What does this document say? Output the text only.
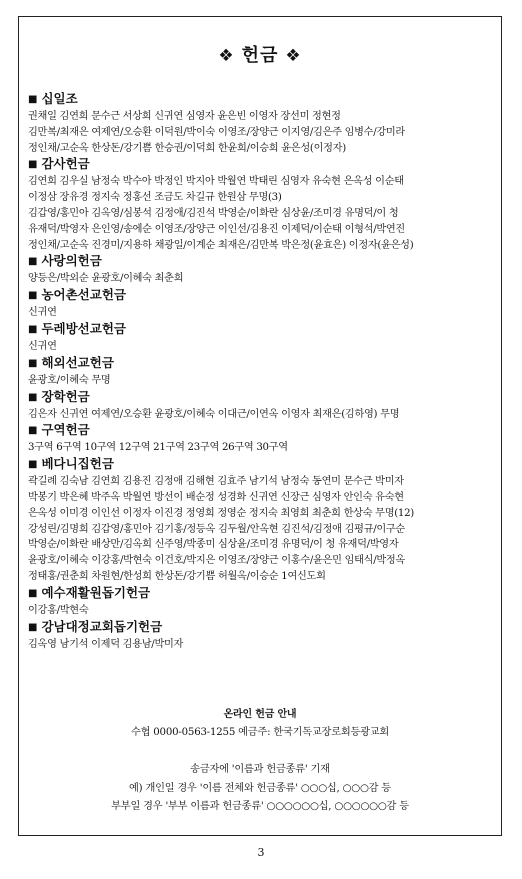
❖ 헌금 ❖
■ 십일조
권채일 김연희 문수근 서상희 신귀연 심영자 윤은빈 이영자 장선미 정현정
김만복/최재은 여제연/오승환 이덕원/박이숙 이영조/장양근 이지영/김은주 임병수/강미라
정인채/고순옥 한상돈/강기쁨 한승권/이덕희 한윤희/이승희 윤은성(이정자)
■ 감사헌금
김연희 김우실 남정숙 박수아 박정인 박지아 박월연 박태린 심영자 유숙현 은옥성 이순태
이정삼 장유경 정지숙 정홍선 조금도 차길규 한원삼 무명(3)
김갑영/홍민아 김옥영/심봉석 김정애/김진석 박영순/이화란 심상윤/조미경 유명덕/이 청
유재덕/박영자 은인영/송에순 이영조/장양근 이인선/김용진 이제덕/이순태 이형석/박연진
정인채/고순옥 진경미/지용하 채광일/이계순 최재은/김만복 박은정(윤효은) 이정자(윤은성)
■ 사랑의헌금
양등은/박외순 윤광호/이혜숙 최춘희
■ 농어촌선교헌금
신귀연
■ 두레방선교헌금
신귀연
■ 해외선교헌금
윤광호/이혜숙 무명
■ 장학헌금
김은자 신귀연 여제연/오승환 윤광호/이혜숙 이대근/이연옥 이영자 최재은(김하영) 무명
■ 구역헌금
3구역 6구역 10구역 12구역 21구역 23구역 26구역 30구역
■ 베다니집헌금
곽길례 김숙남 김연희 김용진 김정애 김해현 김효주 남기석 남정숙 동연미 문수근 박미자
박봉기 박은혜 박주옥 박월연 방선이 배순정 성경화 신귀연 신장근 심영자 안인숙 유숙현
은옥성 이미경 이인선 이정자 이진경 정영희 정영순 정지숙 최영희 최춘희 한상숙 무명(12)
강성린/김명희 김갑영/홍민아 김기홍/정등옥 김두월/안옥현 김진석/김정애 김평규/이구순
박영순/이화란 배상만/김옥희 신주영/박종미 심상윤/조미경 유명덕/이 청 유재덕/박영자
윤광호/이혜숙 이강홍/박현숙 이건호/박지은 이영조/장양근 이홍수/윤은민 임태식/박정옥
정태홍/권춘희 차원현/한성희 한상돈/강기쁨 허월옥/이승순 1여신도회
■ 예수재활원돕기헌금
이강홍/박현숙
■ 강남대정교회돕기헌금
김옥영 남기석 이제덕 김용남/박미자
온라인 헌금 안내
수협 0000-0563-1255 예금주: 한국기독교장로회등광교회
송금자에 '이름과 헌금종류' 기재
예) 개인일 경우 '이름 전체와 헌금종류' ○○○십, ○○○감 등
부부일 경우 '부부 이름과 헌금종류' ○○○○○○십, ○○○○○○감 등
3
